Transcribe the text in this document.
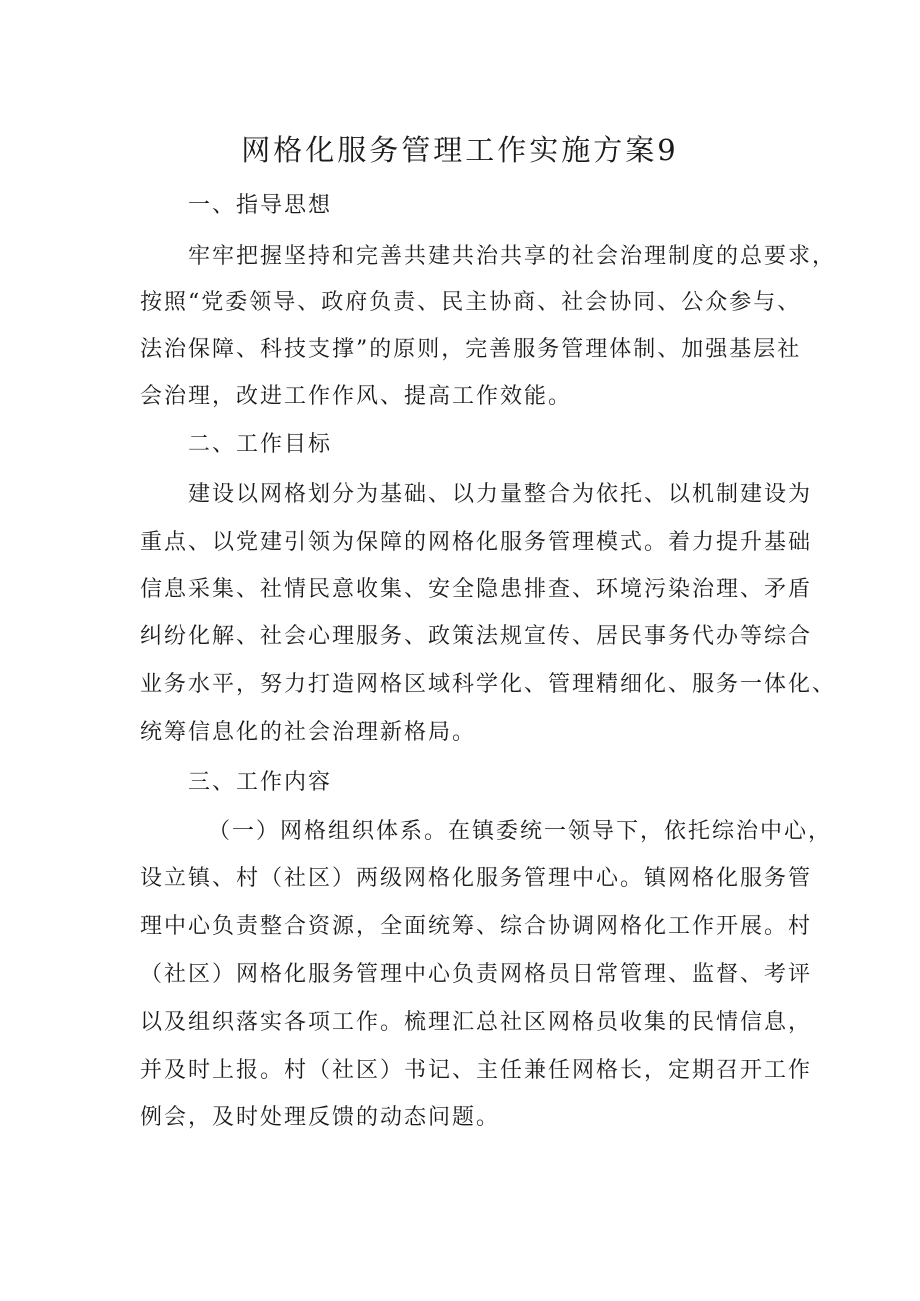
网格化服务管理工作实施方案9
一、指导思想
牢牢把握坚持和完善共建共治共享的社会治理制度的总要求，
按照“党委领导、政府负责、民主协商、社会协同、公众参与、
法治保障、科技支撑”的原则，完善服务管理体制、加强基层社
会治理，改进工作作风、提高工作效能。
二、工作目标
建设以网格划分为基础、以力量整合为依托、以机制建设为
重点、以党建引领为保障的网格化服务管理模式。着力提升基础
信息采集、社情民意收集、安全隐患排查、环境污染治理、矛盾
纠纷化解、社会心理服务、政策法规宣传、居民事务代办等综合
业务水平，努力打造网格区域科学化、管理精细化、服务一体化、
统筹信息化的社会治理新格局。
三、工作内容
（一）网格组织体系。在镇委统一领导下，依托综治中心，
设立镇、村（社区）两级网格化服务管理中心。镇网格化服务管
理中心负责整合资源，全面统筹、综合协调网格化工作开展。村
（社区）网格化服务管理中心负责网格员日常管理、监督、考评
以及组织落实各项工作。梳理汇总社区网格员收集的民情信息，
并及时上报。村（社区）书记、主任兼任网格长，定期召开工作
例会，及时处理反馈的动态问题。
